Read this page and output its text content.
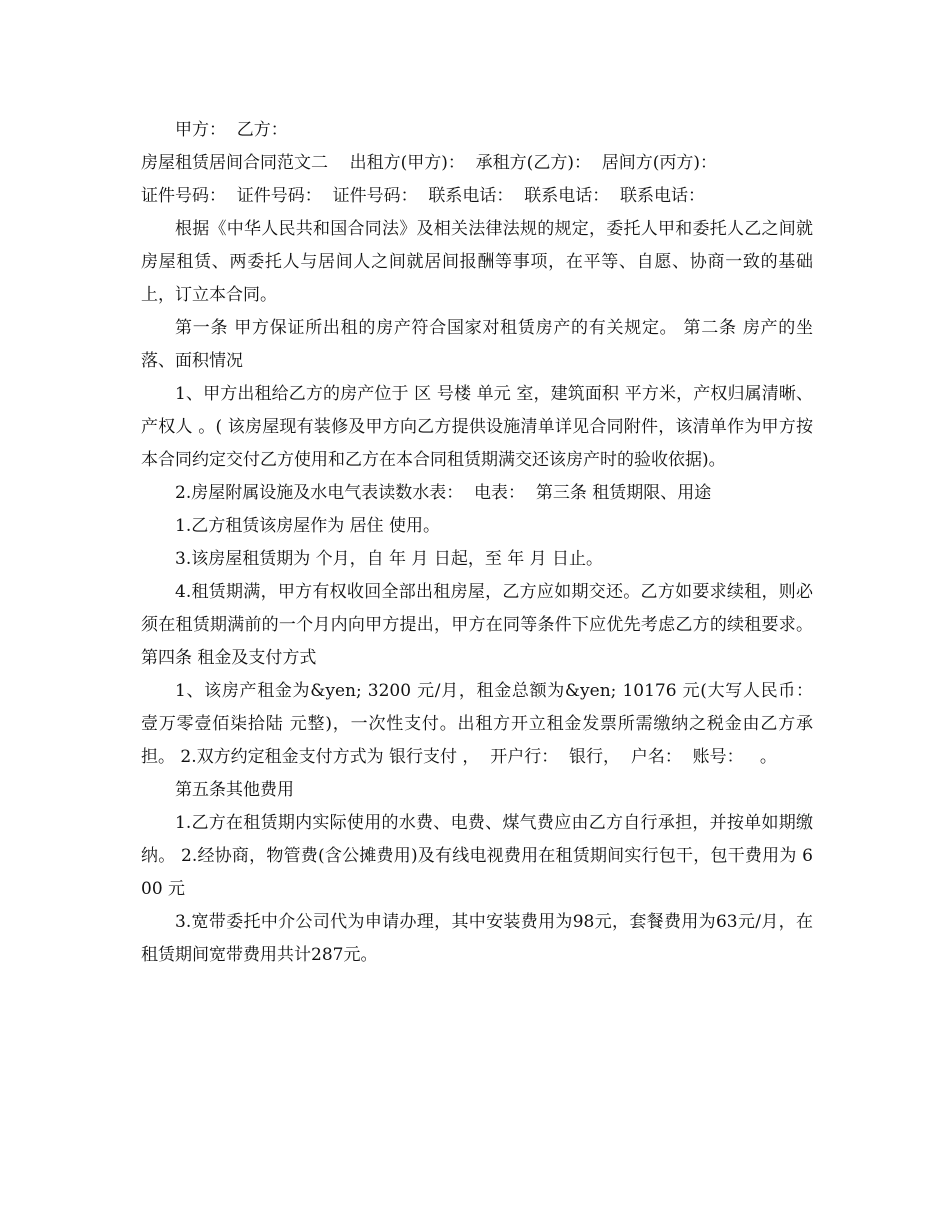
甲方：  乙方：

房屋租赁居间合同范文二    出租方(甲方)：  承租方(乙方)：  居间方(丙方)：

证件号码：  证件号码：  证件号码：  联系电话：  联系电话：  联系电话：

根据《中华人民共和国合同法》及相关法律法规的规定，委托人甲和委托人乙之间就房屋租赁、两委托人与居间人之间就居间报酬等事项，在平等、自愿、协商一致的基础上，订立本合同。

第一条 甲方保证所出租的房产符合国家对租赁房产的有关规定。 第二条 房产的坐落、面积情况

1、甲方出租给乙方的房产位于 区 号楼 单元 室，建筑面积 平方米，产权归属清晰、产权人 。( 该房屋现有装修及甲方向乙方提供设施清单详见合同附件，该清单作为甲方按本合同约定交付乙方使用和乙方在本合同租赁期满交还该房产时的验收依据)。

2.房屋附属设施及水电气表读数水表：  电表：  第三条 租赁期限、用途

1.乙方租赁该房屋作为 居住 使用。

3.该房屋租赁期为 个月，自 年 月 日起，至 年 月 日止。

4.租赁期满，甲方有权收回全部出租房屋，乙方应如期交还。乙方如要求续租，则必须在租赁期满前的一个月内向甲方提出，甲方在同等条件下应优先考虑乙方的续租要求。 第四条 租金及支付方式

1、该房产租金为&yen; 3200 元/月，租金总额为&yen; 10176 元(大写人民币： 壹万零壹佰柒拾陆 元整)，一次性支付。出租方开立租金发票所需缴纳之税金由乙方承担。 2.双方约定租金支付方式为 银行支付 ，  开户行：  银行，  户名：  账号：   。

第五条其他费用

1.乙方在租赁期内实际使用的水费、电费、煤气费应由乙方自行承担，并按单如期缴纳。 2.经协商，物管费(含公摊费用)及有线电视费用在租赁期间实行包干，包干费用为 600 元

3.宽带委托中介公司代为申请办理，其中安装费用为98元，套餐费用为63元/月，在租赁期间宽带费用共计287元。
